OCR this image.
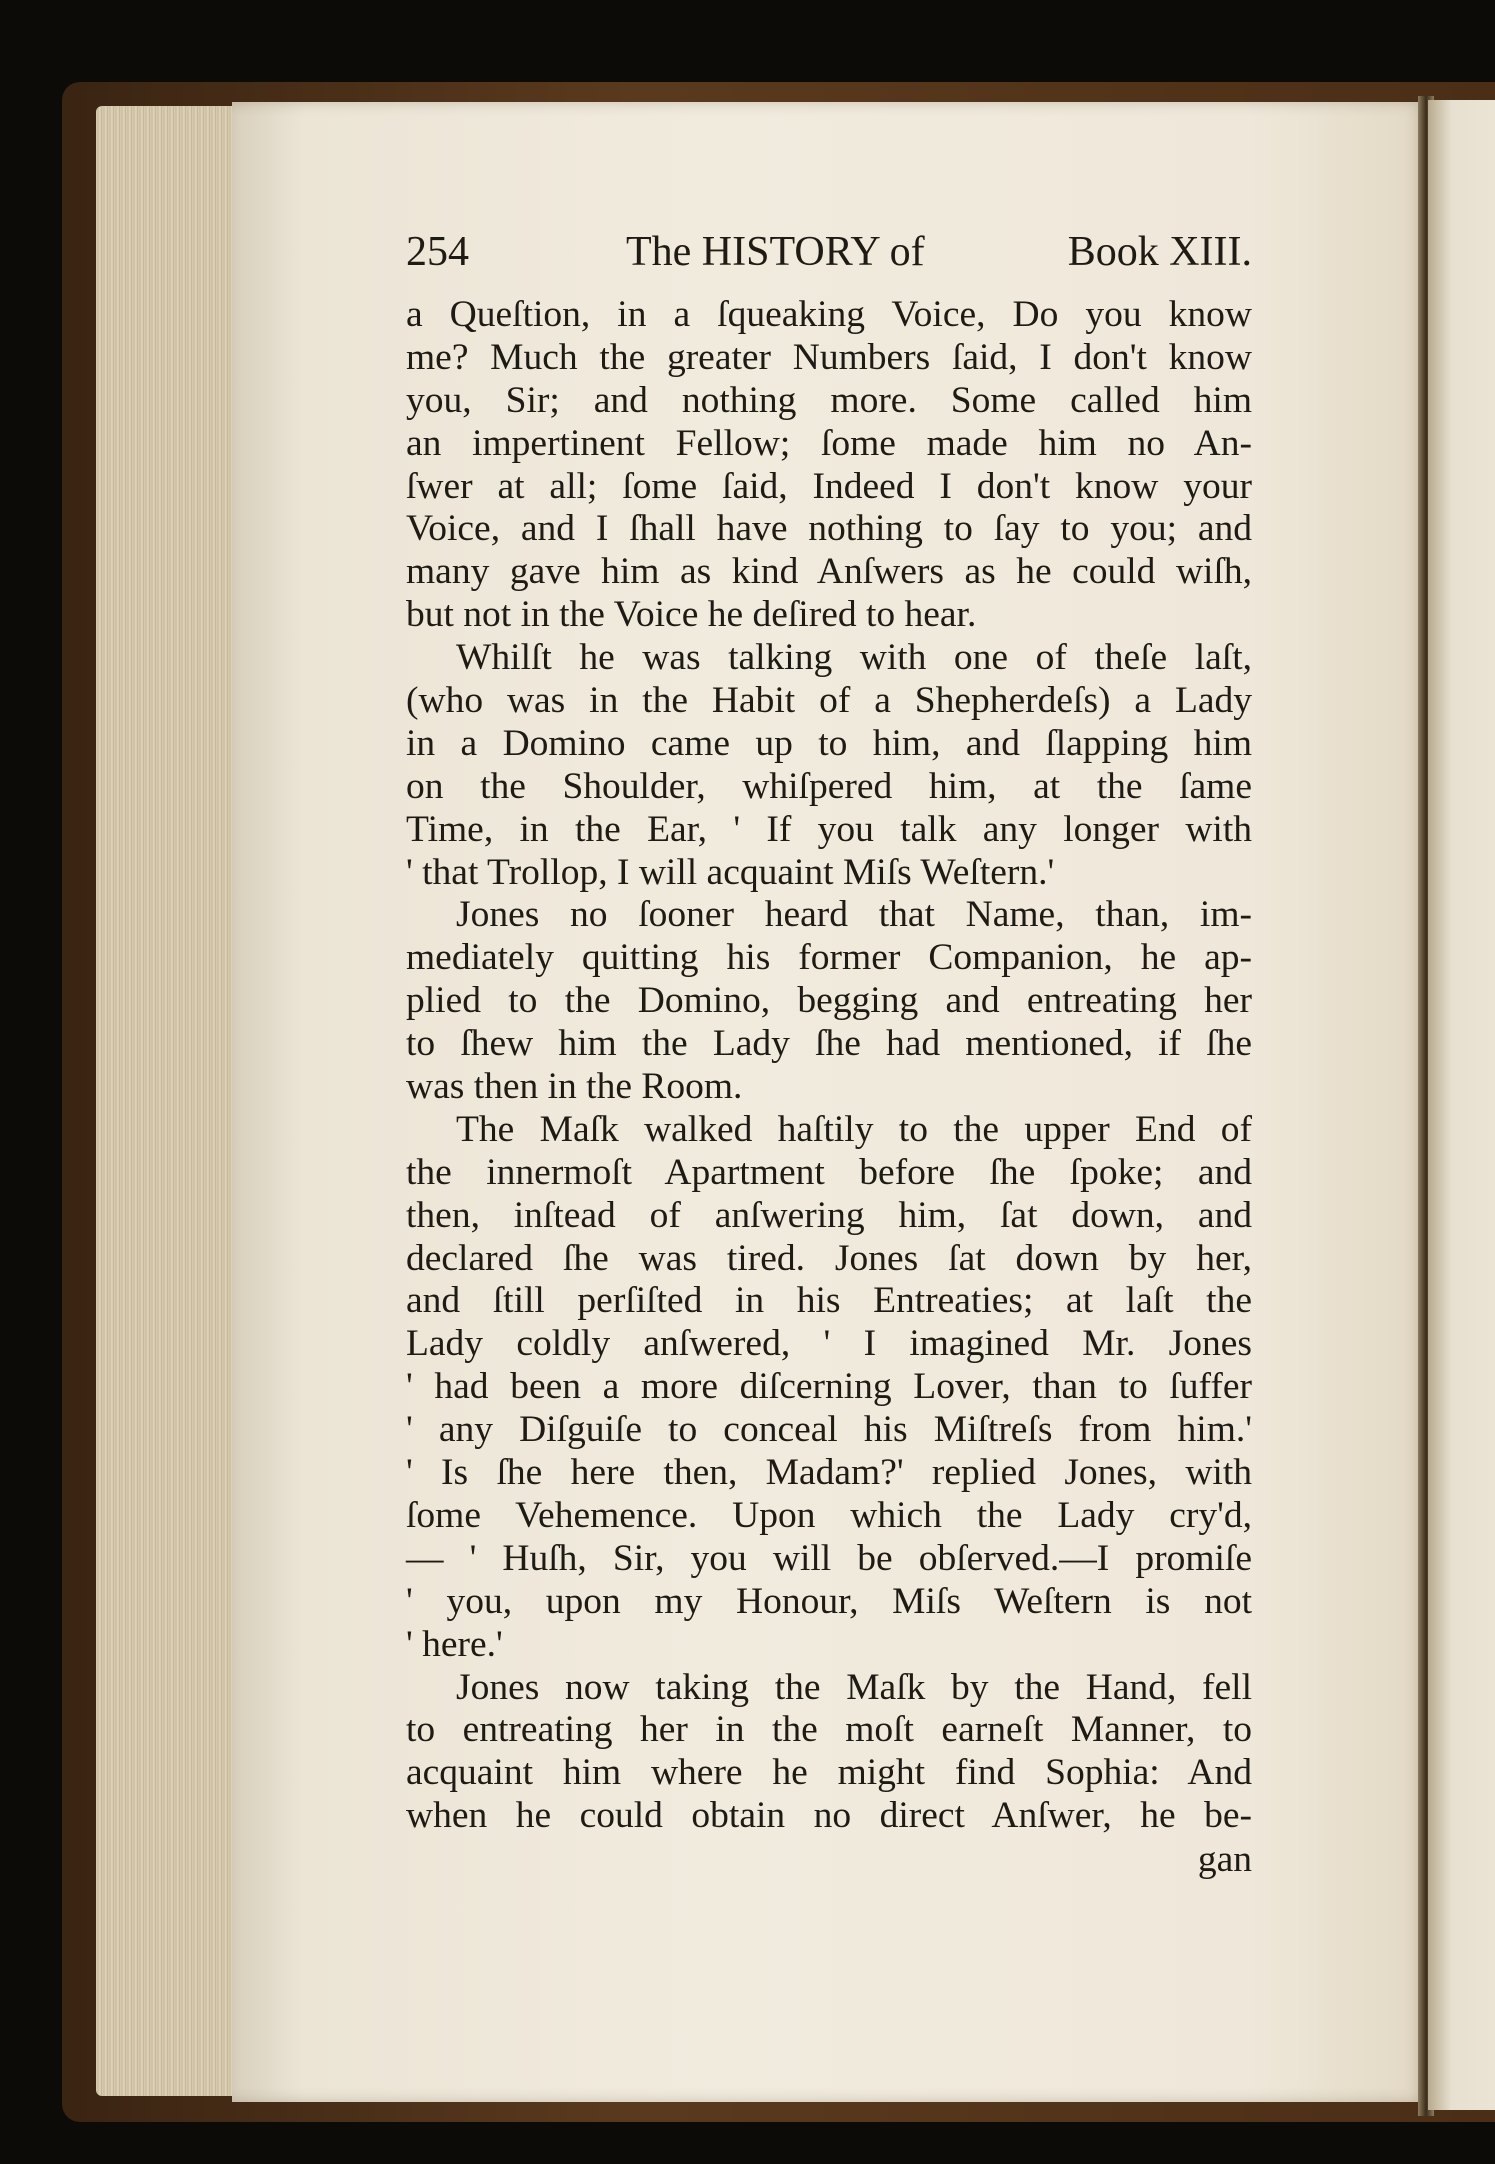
254	The HISTORY of	Book XIII.
a Queſtion, in a ſqueaking Voice, Do you know
me? Much the greater Numbers ſaid, I don't know
you, Sir; and nothing more. Some called him
an impertinent Fellow; ſome made him no An-
ſwer at all; ſome ſaid, Indeed I don't know your
Voice, and I ſhall have nothing to ſay to you; and
many gave him as kind Anſwers as he could wiſh,
but not in the Voice he deſired to hear.
Whilſt he was talking with one of theſe laſt,
(who was in the Habit of a Shepherdeſs) a Lady
in a Domino came up to him, and ſlapping him
on the Shoulder, whiſpered him, at the ſame
Time, in the Ear, ' If you talk any longer with
' that Trollop, I will acquaint Miſs Weſtern.'
Jones no ſooner heard that Name, than, im-
mediately quitting his former Companion, he ap-
plied to the Domino, begging and entreating her
to ſhew him the Lady ſhe had mentioned, if ſhe
was then in the Room.
The Maſk walked haſtily to the upper End of
the innermoſt Apartment before ſhe ſpoke; and
then, inſtead of anſwering him, ſat down, and
declared ſhe was tired. Jones ſat down by her,
and ſtill perſiſted in his Entreaties; at laſt the
Lady coldly anſwered, ' I imagined Mr. Jones
' had been a more diſcerning Lover, than to ſuffer
' any Diſguiſe to conceal his Miſtreſs from him.'
' Is ſhe here then, Madam?' replied Jones, with
ſome Vehemence. Upon which the Lady cry'd,
— ' Huſh, Sir, you will be obſerved.—I promiſe
' you, upon my Honour, Miſs Weſtern is not
' here.'
Jones now taking the Maſk by the Hand, fell
to entreating her in the moſt earneſt Manner, to
acquaint him where he might find Sophia: And
when he could obtain no direct Anſwer, he be-
gan
